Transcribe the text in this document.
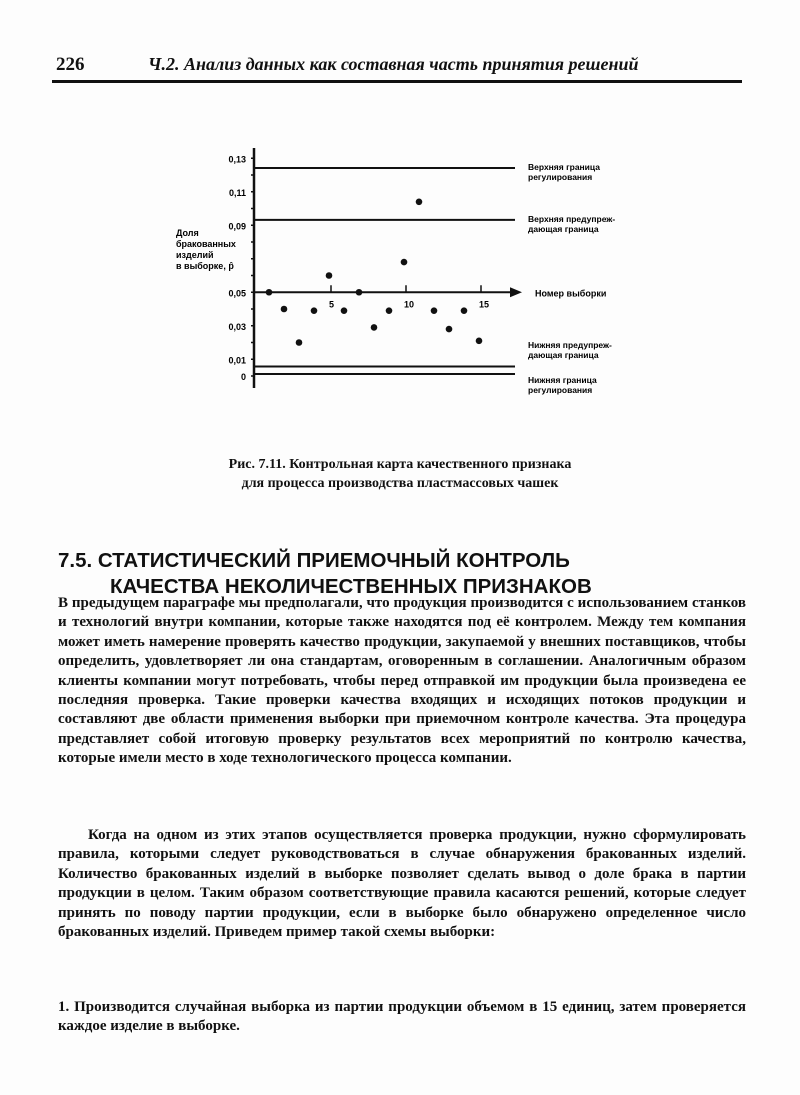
226	Ч.2. Анализ данных как составная часть принятия решений
0
0,01
0,03
0,05
0,09
0,11
0,13
Доля
бракованных
изделий
в выборке, p̂
Верхняя граница
регулирования
Верхняя предупреж-
дающая граница
Нижняя предупреж-
дающая граница
Нижняя граница
регулирования
Номер выборки
5	10	15
Рис. 7.11. Контрольная карта качественного признака
для процесса производства пластмассовых чашек
7.5. СТАТИСТИЧЕСКИЙ ПРИЕМОЧНЫЙ КОНТРОЛЬ
КАЧЕСТВА НЕКОЛИЧЕСТВЕННЫХ ПРИЗНАКОВ
В предыдущем параграфе мы предполагали, что продукция производится с использованием станков и технологий внутри компании, которые также находятся под её контролем. Между тем компания может иметь намерение проверять качество продукции, закупаемой у внешних поставщиков, чтобы определить, удовлетворяет ли она стандартам, оговоренным в соглашении. Аналогичным образом клиенты компании могут потребовать, чтобы перед отправкой им продукции была произведена ее последняя проверка. Такие проверки качества входящих и исходящих потоков продукции и составляют две области применения выборки при приемочном контроле качества. Эта процедура представляет собой итоговую проверку результатов всех мероприятий по контролю качества, которые имели место в ходе технологического процесса компании.
Когда на одном из этих этапов осуществляется проверка продукции, нужно сформулировать правила, которыми следует руководствоваться в случае обнаружения бракованных изделий. Количество бракованных изделий в выборке позволяет сделать вывод о доле брака в партии продукции в целом. Таким образом соответствующие правила касаются решений, которые следует принять по поводу партии продукции, если в выборке было обнаружено определенное число бракованных изделий. Приведем пример такой схемы выборки:
1. Производится случайная выборка из партии продукции объемом в 15 единиц, затем проверяется каждое изделие в выборке.
